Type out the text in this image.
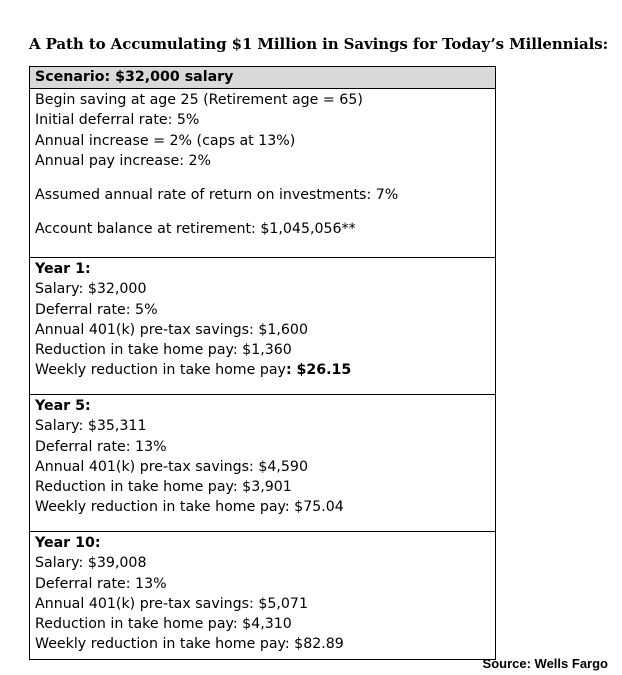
A Path to Accumulating $1 Million in Savings for Today’s Millennials:
Scenario: $32,000 salary
Begin saving at age 25 (Retirement age = 65)
Initial deferral rate: 5%
Annual increase = 2% (caps at 13%)
Annual pay increase: 2%
Assumed annual rate of return on investments: 7%
Account balance at retirement: $1,045,056**
Year 1:
Salary: $32,000
Deferral rate: 5%
Annual 401(k) pre-tax savings: $1,600
Reduction in take home pay: $1,360
Weekly reduction in take home pay: $26.15
Year 5:
Salary: $35,311
Deferral rate: 13%
Annual 401(k) pre-tax savings: $4,590
Reduction in take home pay: $3,901
Weekly reduction in take home pay: $75.04
Year 10:
Salary: $39,008
Deferral rate: 13%
Annual 401(k) pre-tax savings: $5,071
Reduction in take home pay: $4,310
Weekly reduction in take home pay: $82.89
Source: Wells Fargo
